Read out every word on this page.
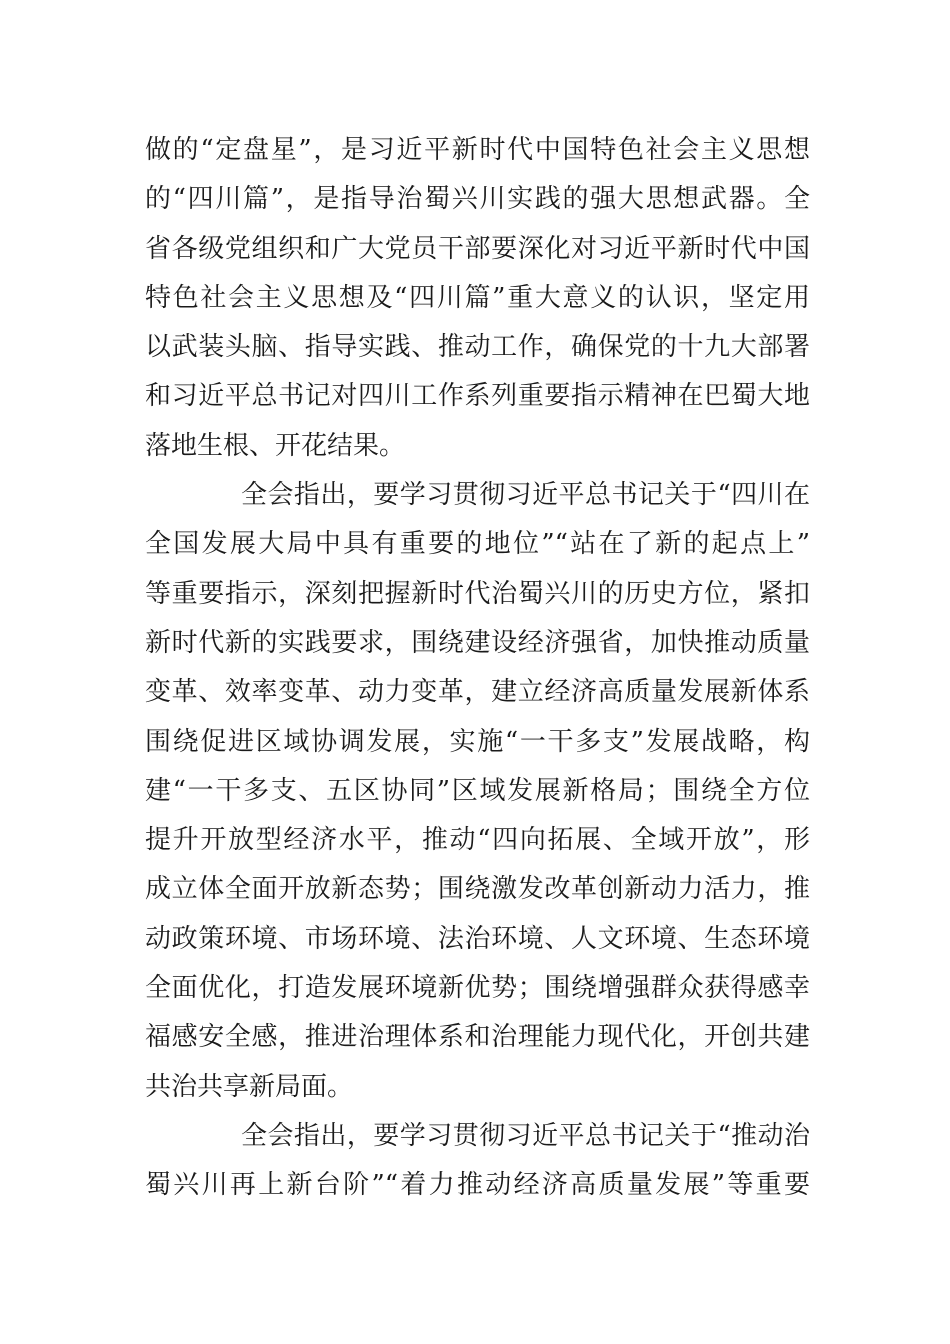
做的“定盘星”，是习近平新时代中国特色社会主义思想
的“四川篇”，是指导治蜀兴川实践的强大思想武器。全
省各级党组织和广大党员干部要深化对习近平新时代中国
特色社会主义思想及“四川篇”重大意义的认识，坚定用
以武装头脑、指导实践、推动工作，确保党的十九大部署
和习近平总书记对四川工作系列重要指示精神在巴蜀大地
落地生根、开花结果。
全会指出，要学习贯彻习近平总书记关于“四川在
全国发展大局中具有重要的地位”“站在了新的起点上”
等重要指示，深刻把握新时代治蜀兴川的历史方位，紧扣
新时代新的实践要求，围绕建设经济强省，加快推动质量
变革、效率变革、动力变革，建立经济高质量发展新体系
围绕促进区域协调发展，实施“一干多支”发展战略，构
建“一干多支、五区协同”区域发展新格局；围绕全方位
提升开放型经济水平，推动“四向拓展、全域开放”，形
成立体全面开放新态势；围绕激发改革创新动力活力，推
动政策环境、市场环境、法治环境、人文环境、生态环境
全面优化，打造发展环境新优势；围绕增强群众获得感幸
福感安全感，推进治理体系和治理能力现代化，开创共建
共治共享新局面。
全会指出，要学习贯彻习近平总书记关于“推动治
蜀兴川再上新台阶”“着力推动经济高质量发展”等重要
